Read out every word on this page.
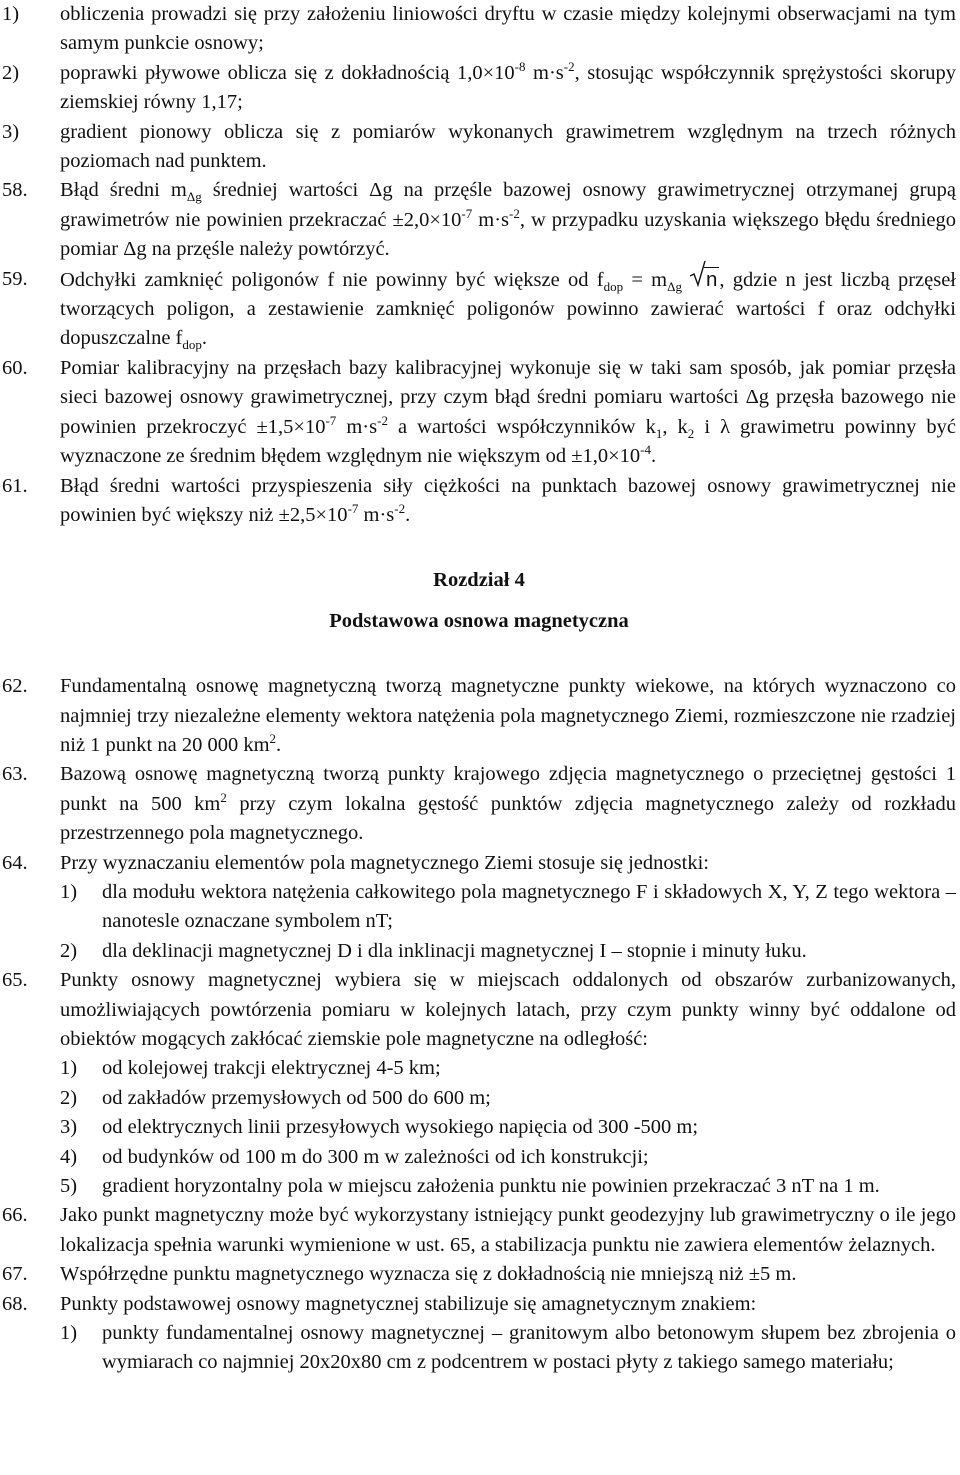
1)	obliczenia prowadzi się przy założeniu liniowości dryftu w czasie między kolejnymi obserwacjami na tym samym punkcie osnowy;
2)	poprawki pływowe oblicza się z dokładnością $1,0\times 10^{-8}$ $m\cdot s^{-2}$, stosując współczynnik sprężystości skorupy ziemskiej równy 1,17;
3)	gradient pionowy oblicza się z pomiarów wykonanych grawimetrem względnym na trzech różnych poziomach nad punktem.
58.	Błąd średni $m_{\Delta g}$ średniej wartości Δg na przęśle bazowej osnowy grawimetrycznej otrzymanej grupą grawimetrów nie powinien przekraczać $\pm 2,0\times 10^{-7}$ $m\cdot s^{-2}$, w przypadku uzyskania większego błędu średniego pomiar Δg na przęśle należy powtórzyć.
59.	Odchyłki zamknięć poligonów f nie powinny być większe od $f_{dop} = m_{\Delta g}$ n, gdzie n jest liczbą przęseł tworzących poligon, a zestawienie zamknięć poligonów powinno zawierać wartości f oraz odchyłki dopuszczalne $f_{dop}$.
60.	Pomiar kalibracyjny na przęsłach bazy kalibracyjnej wykonuje się w taki sam sposób, jak pomiar przęsła sieci bazowej osnowy grawimetrycznej, przy czym błąd średni pomiaru wartości Δg przęsła bazowego nie powinien przekroczyć $\pm 1,5\times 10^{-7}$ $m\cdot s^{-2}$ a wartości współczynników $k_1$, $k_2$ i λ grawimetru powinny być wyznaczone ze średnim błędem względnym nie większym od $\pm 1,0\times 10^{-4}$.
61.	Błąd średni wartości przyspieszenia siły ciężkości na punktach bazowej osnowy grawimetrycznej nie powinien być większy niż $\pm 2,5\times 10^{-7}$ $m\cdot s^{-2}$.
Rozdział 4
Podstawowa osnowa magnetyczna
62.	Fundamentalną osnowę magnetyczną tworzą magnetyczne punkty wiekowe, na których wyznaczono co najmniej trzy niezależne elementy wektora natężenia pola magnetycznego Ziemi, rozmieszczone nie rzadziej niż 1 punkt na 20 000 $km^2$.
63.	Bazową osnowę magnetyczną tworzą punkty krajowego zdjęcia magnetycznego o przeciętnej gęstości 1 punkt na 500 $km^2$ przy czym lokalna gęstość punktów zdjęcia magnetycznego zależy od rozkładu przestrzennego pola magnetycznego.
64.	Przy wyznaczaniu elementów pola magnetycznego Ziemi stosuje się jednostki:
1)	dla modułu wektora natężenia całkowitego pola magnetycznego F i składowych X, Y, Z tego wektora – nanotesle oznaczane symbolem nT;
2)	dla deklinacji magnetycznej D i dla inklinacji magnetycznej I – stopnie i minuty łuku.
65.	Punkty osnowy magnetycznej wybiera się w miejscach oddalonych od obszarów zurbanizowanych, umożliwiających powtórzenia pomiaru w kolejnych latach, przy czym punkty winny być oddalone od obiektów mogących zakłócać ziemskie pole magnetyczne na odległość:
1)	od kolejowej trakcji elektrycznej 4-5 km;
2)	od zakładów przemysłowych od 500 do 600 m;
3)	od elektrycznych linii przesyłowych wysokiego napięcia od 300 -500 m;
4)	od budynków od 100 m do 300 m w zależności od ich konstrukcji;
5)	gradient horyzontalny pola w miejscu założenia punktu nie powinien przekraczać 3 nT na 1 m.
66.	Jako punkt magnetyczny może być wykorzystany istniejący punkt geodezyjny lub grawimetryczny o ile jego lokalizacja spełnia warunki wymienione w ust. 65, a stabilizacja punktu nie zawiera elementów żelaznych.
67.	Współrzędne punktu magnetycznego wyznacza się z dokładnością nie mniejszą niż ±5 m.
68.	Punkty podstawowej osnowy magnetycznej stabilizuje się amagnetycznym znakiem:
1)	punkty fundamentalnej osnowy magnetycznej – granitowym albo betonowym słupem bez zbrojenia o wymiarach co najmniej 20x20x80 cm z podcentrem w postaci płyty z takiego samego materiału;
